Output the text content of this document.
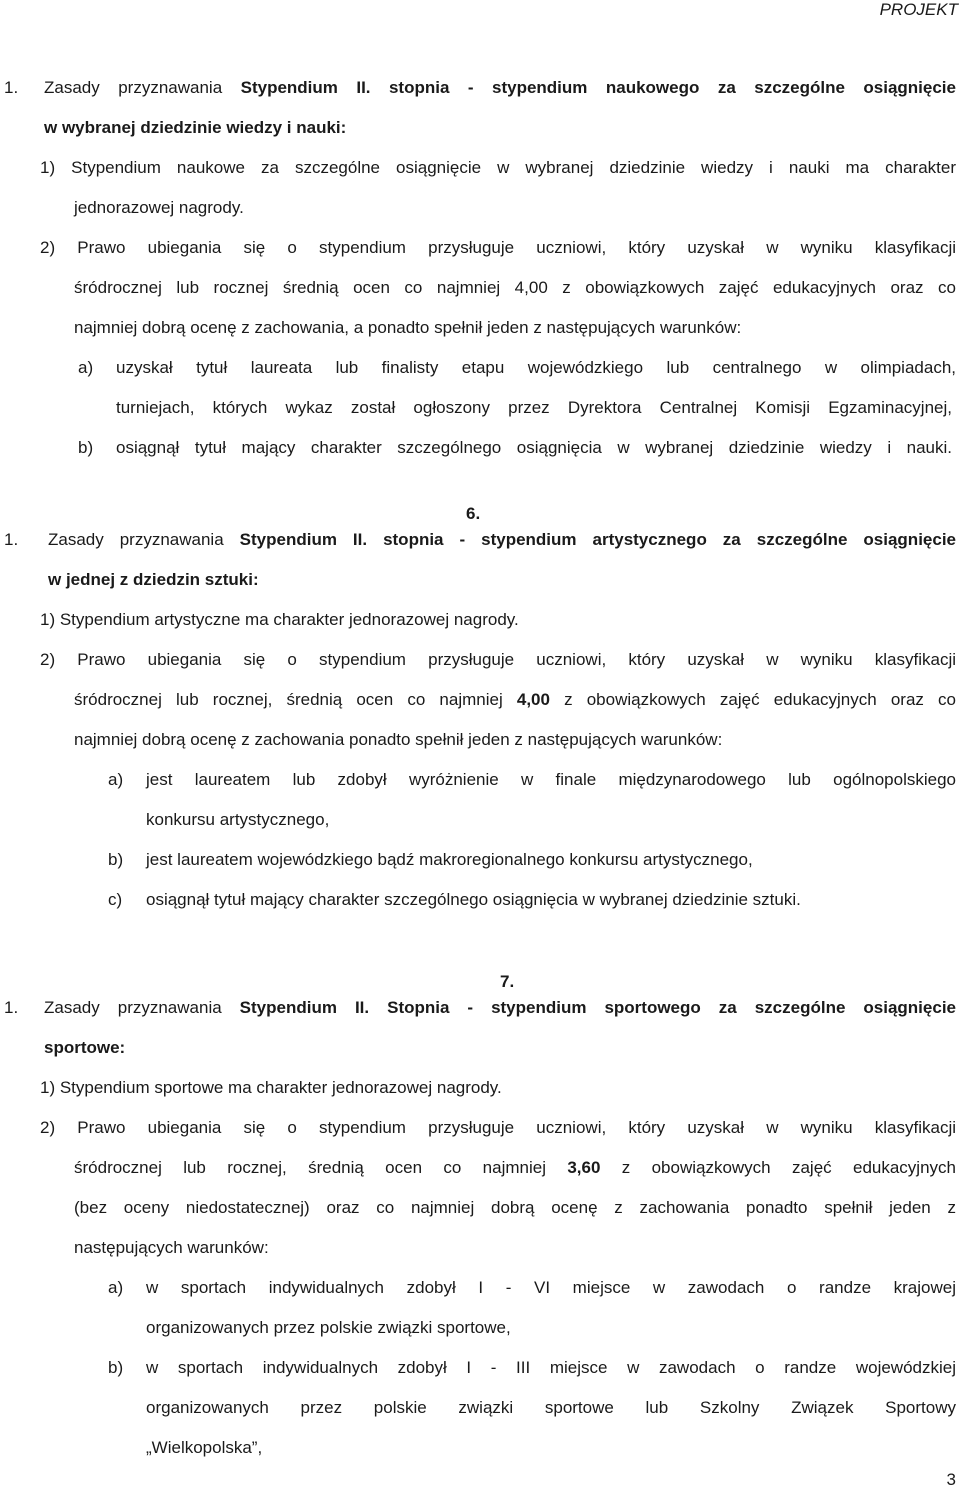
PROJEKT
1. Zasady przyznawania Stypendium II. stopnia - stypendium naukowego za szczególne osiągnięcie
w wybranej dziedzinie wiedzy i nauki:
1) Stypendium naukowe za szczególne osiągnięcie w wybranej dziedzinie wiedzy i nauki ma charakter
jednorazowej nagrody.
2) Prawo ubiegania się o stypendium przysługuje uczniowi, który uzyskał w wyniku klasyfikacji
śródrocznej lub rocznej średnią ocen co najmniej 4,00 z obowiązkowych zajęć edukacyjnych oraz co
najmniej dobrą ocenę z zachowania, a ponadto spełnił jeden z następujących warunków:
a) uzyskał tytuł laureata lub finalisty etapu wojewódzkiego lub centralnego w olimpiadach,
turniejach, których wykaz został ogłoszony przez Dyrektora Centralnej Komisji Egzaminacyjnej,
b) osiągnął tytuł mający charakter szczególnego osiągnięcia w wybranej dziedzinie wiedzy i nauki.
6.
1. Zasady przyznawania Stypendium II. stopnia - stypendium artystycznego za szczególne osiągnięcie
w jednej z dziedzin sztuki:
1) Stypendium artystyczne ma charakter jednorazowej nagrody.
2) Prawo ubiegania się o stypendium przysługuje uczniowi, który uzyskał w wyniku klasyfikacji
śródrocznej lub rocznej, średnią ocen co najmniej 4,00 z obowiązkowych zajęć edukacyjnych oraz co
najmniej dobrą ocenę z zachowania ponadto spełnił jeden z następujących warunków:
a) jest laureatem lub zdobył wyróżnienie w finale międzynarodowego lub ogólnopolskiego
konkursu artystycznego,
b) jest laureatem wojewódzkiego bądź makroregionalnego konkursu artystycznego,
c) osiągnął tytuł mający charakter szczególnego osiągnięcia w wybranej dziedzinie sztuki.
7.
1. Zasady przyznawania Stypendium II. Stopnia - stypendium sportowego za szczególne osiągnięcie
sportowe:
1) Stypendium sportowe ma charakter jednorazowej nagrody.
2) Prawo ubiegania się o stypendium przysługuje uczniowi, który uzyskał w wyniku klasyfikacji
śródrocznej lub rocznej, średnią ocen co najmniej 3,60 z obowiązkowych zajęć edukacyjnych
(bez oceny niedostatecznej) oraz co najmniej dobrą ocenę z zachowania ponadto spełnił jeden z
następujących warunków:
a) w sportach indywidualnych zdobył I - VI miejsce w zawodach o randze krajowej
organizowanych przez polskie związki sportowe,
b) w sportach indywidualnych zdobył I - III miejsce w zawodach o randze wojewódzkiej
organizowanych przez polskie związki sportowe lub Szkolny Związek Sportowy
„Wielkopolska”,
3
